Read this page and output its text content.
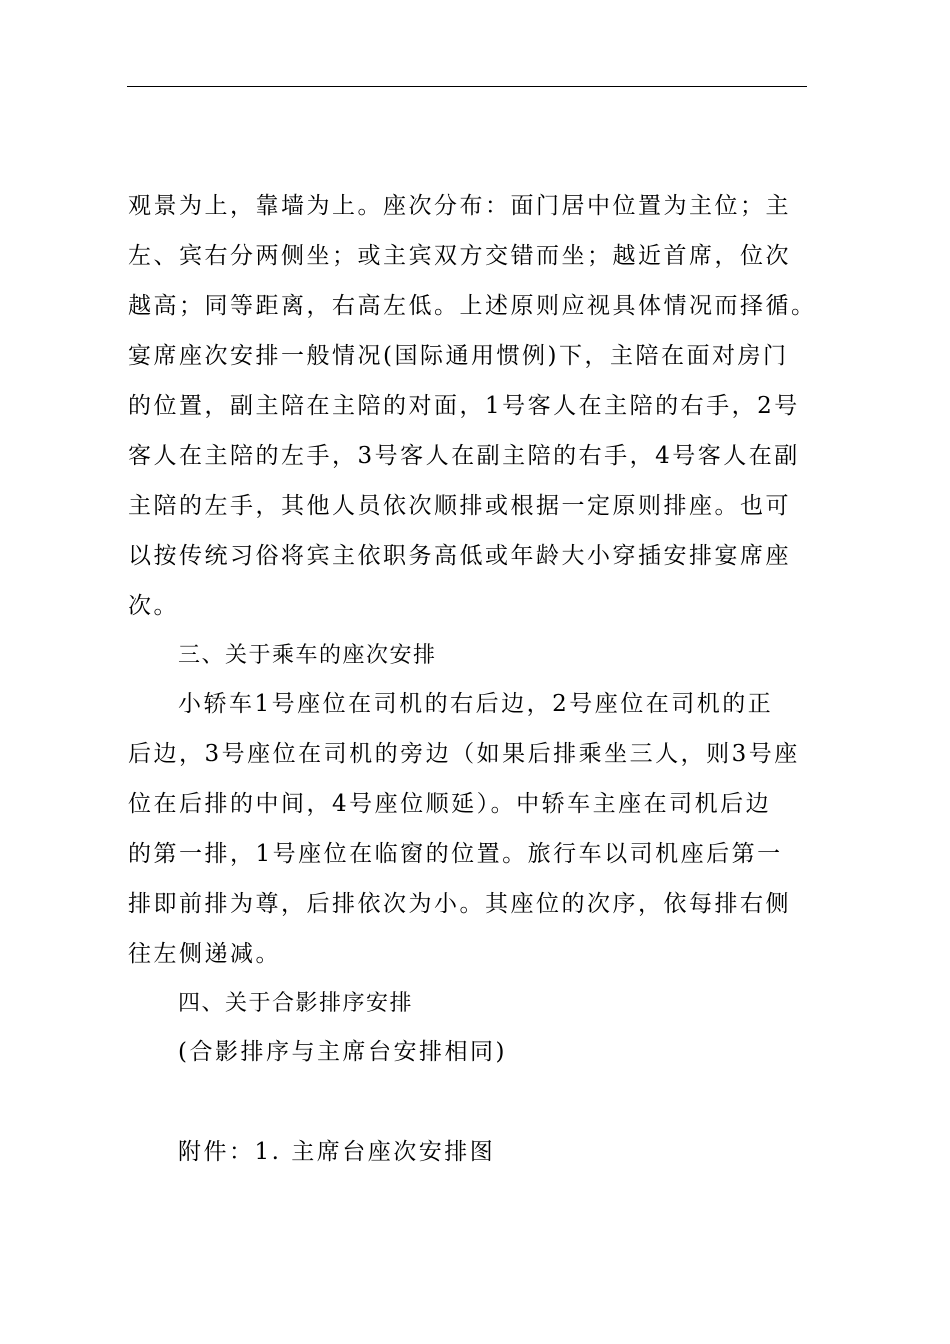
观景为上，靠墙为上。座次分布：面门居中位置为主位；主
左、宾右分两侧坐；或主宾双方交错而坐；越近首席，位次
越高；同等距离，右高左低。上述原则应视具体情况而择循。
宴席座次安排一般情况(国际通用惯例)下，主陪在面对房门
的位置，副主陪在主陪的对面，1号客人在主陪的右手，2号
客人在主陪的左手，3号客人在副主陪的右手，4号客人在副
主陪的左手，其他人员依次顺排或根据一定原则排座。也可
以按传统习俗将宾主依职务高低或年龄大小穿插安排宴席座
次。
三、关于乘车的座次安排
小轿车1号座位在司机的右后边，2号座位在司机的正
后边，3号座位在司机的旁边（如果后排乘坐三人，则3号座
位在后排的中间，4号座位顺延）。中轿车主座在司机后边
的第一排，1号座位在临窗的位置。旅行车以司机座后第一
排即前排为尊，后排依次为小。其座位的次序，依每排右侧
往左侧递减。
四、关于合影排序安排
(合影排序与主席台安排相同)
附件：1. 主席台座次安排图
